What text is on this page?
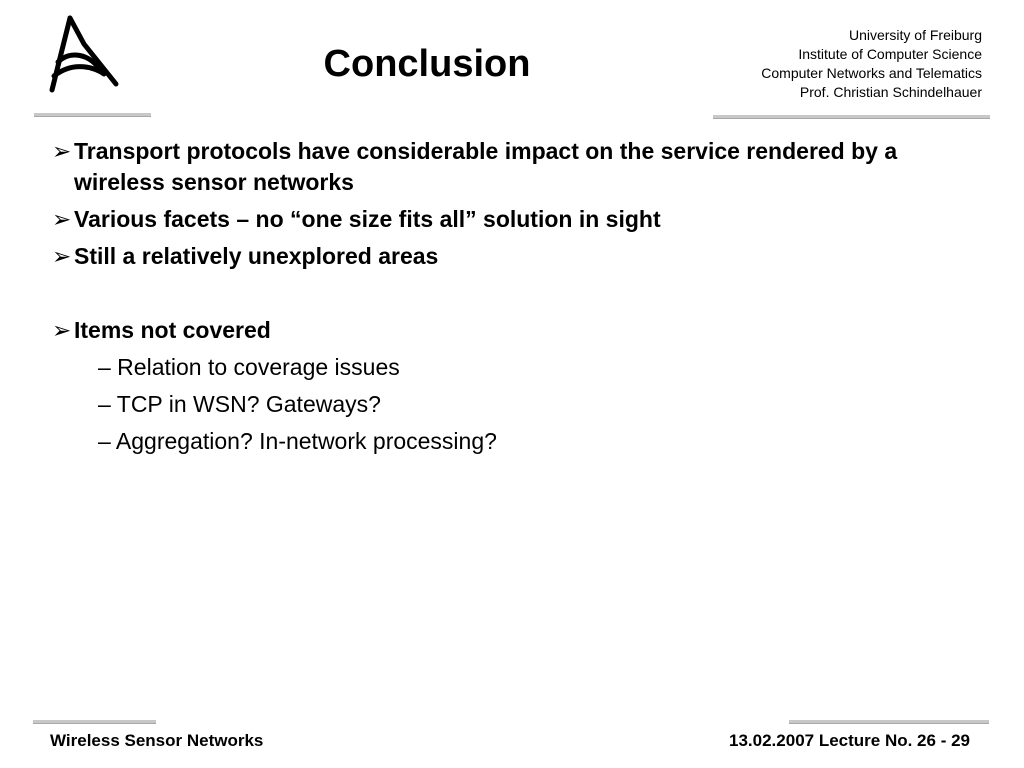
Conclusion
University of Freiburg
Institute of Computer Science
Computer Networks and Telematics
Prof. Christian Schindelhauer
➢ Transport protocols have considerable impact on the service rendered by a wireless sensor networks
➢ Various facets – no “one size fits all” solution in sight
➢ Still a relatively unexplored areas
➢ Items not covered
– Relation to coverage issues
– TCP in WSN? Gateways?
– Aggregation? In-network processing?
Wireless Sensor Networks	13.02.2007 Lecture No. 26 - 29
